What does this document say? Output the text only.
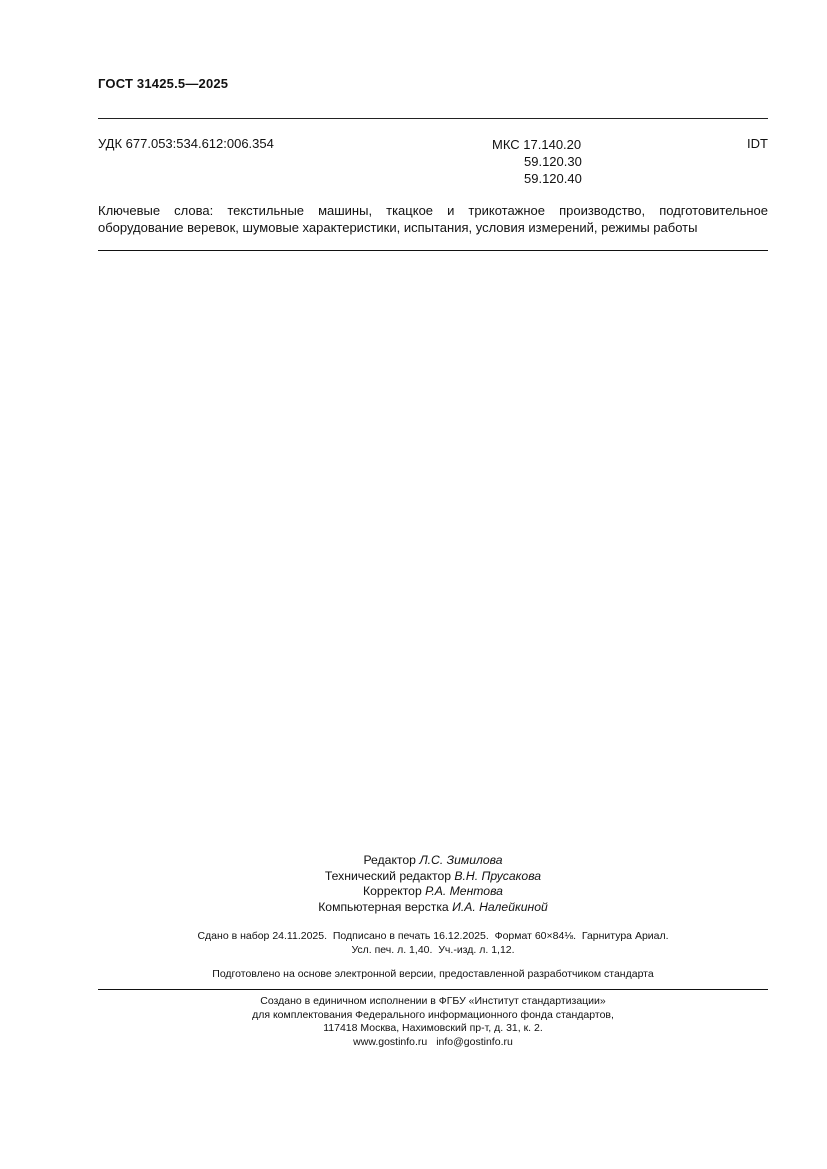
ГОСТ 31425.5—2025
УДК 677.053:534.612:006.354	МКС 17.140.20
59.120.30
59.120.40
IDT
Ключевые слова: текстильные машины, ткацкое и трикотажное производство, подготовительное оборудование веревок, шумовые характеристики, испытания, условия измерений, режимы работы
Редактор Л.С. Зимилова
Технический редактор В.Н. Прусакова
Корректор Р.А. Ментова
Компьютерная верстка И.А. Налейкиной
Сдано в набор 24.11.2025. Подписано в печать 16.12.2025. Формат 60×84⅛. Гарнитура Ариал.
Усл. печ. л. 1,40. Уч.-изд. л. 1,12.
Подготовлено на основе электронной версии, предоставленной разработчиком стандарта
Создано в единичном исполнении в ФГБУ «Институт стандартизации»
для комплектования Федерального информационного фонда стандартов,
117418 Москва, Нахимовский пр-т, д. 31, к. 2.
www.gostinfo.ru info@gostinfo.ru
